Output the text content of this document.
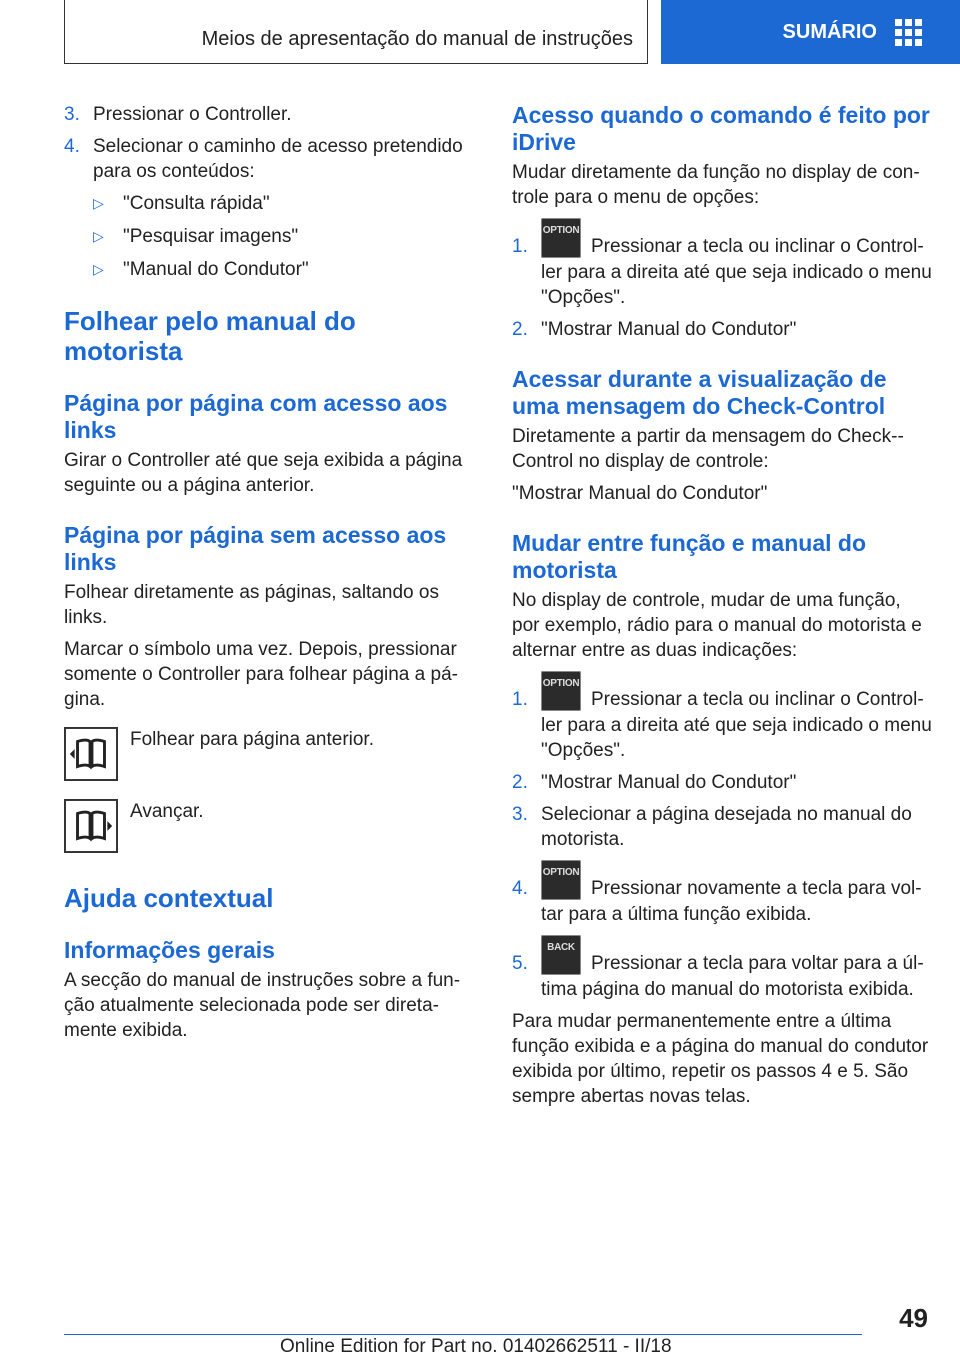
Meios de apresentação do manual de instruções	SUMÁRIO
3. Pressionar o Controller.
4. Selecionar o caminho de acesso pretendido para os conteúdos:
▷	"Consulta rápida"
▷	"Pesquisar imagens"
▷	"Manual do Condutor"
Folhear pelo manual do motorista
Página por página com acesso aos links

Girar o Controller até que seja exibida a página seguinte ou a página anterior.

Página por página sem acesso aos links

Folhear diretamente as páginas, saltando os links.

Marcar o símbolo uma vez. Depois, pressionar somente o Controller para folhear página a pá-gina.

Folhear para página anterior.
Avançar.
Ajuda contextual
Informações gerais

A secção do manual de instruções sobre a fun-ção atualmente selecionada pode ser direta-mente exibida.

Acesso quando o comando é feito por iDrive

Mudar diretamente da função no display de con-trole para o menu de opções:

1.
OPTION
Pressionar a tecla ou inclinar o Control-ler para a direita até que seja indicado o menu "Opções".
2. "Mostrar Manual do Condutor"
Acessar durante a visualização de uma mensagem do Check-Control

Diretamente a partir da mensagem do Check--Control no display de controle:

"Mostrar Manual do Condutor"

Mudar entre função e manual do motorista

No display de controle, mudar de uma função, por exemplo, rádio para o manual do motorista e alternar entre as duas indicações:

1.
OPTION
Pressionar a tecla ou inclinar o Control-ler para a direita até que seja indicado o menu "Opções".
2. "Mostrar Manual do Condutor"
3. Selecionar a página desejada no manual do motorista.
4.
OPTION
Pressionar novamente a tecla para vol-tar para a última função exibida.
5.
BACK
Pressionar a tecla para voltar para a úl-tima página do manual do motorista exibida.

Para mudar permanentemente entre a última função exibida e a página do manual do condutor exibida por último, repetir os passos 4 e 5. São sempre abertas novas telas.

49
Online Edition for Part no. 01402662511 - II/18
